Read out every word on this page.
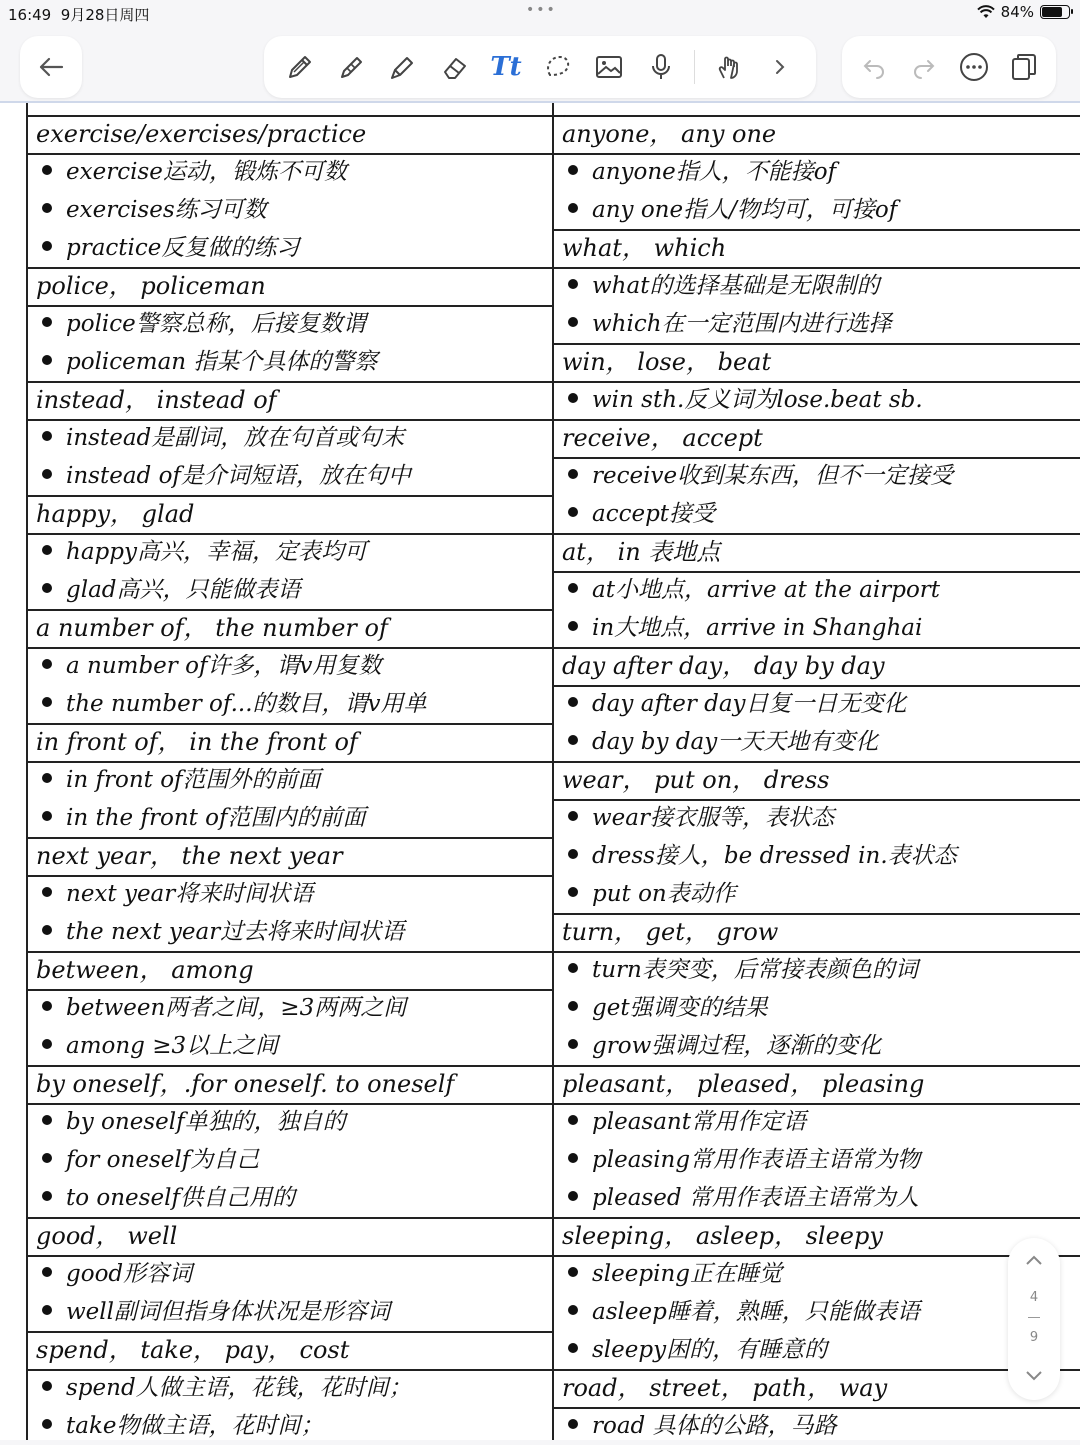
16:49 9月28日周四	•••	84%
Tt
exercise/exercises/practice
exercise运动，锻炼不可数
exercises练习可数
practice反复做的练习
police， policeman
police警察总称，后接复数谓
policeman 指某个具体的警察
instead， instead of
instead是副词，放在句首或句末
instead of是介词短语，放在句中
happy， glad
happy高兴，幸福，定表均可
glad高兴，只能做表语
a number of， the number of
a number of许多，谓v用复数
the number of...的数目，谓v用单
in front of， in the front of
in front of范围外的前面
in the front of范围内的前面
next year， the next year
next year将来时间状语
the next year过去将来时间状语
between， among
between两者之间，≥3两两之间
among ≥3以上之间
by oneself，.for oneself. to oneself
by oneself单独的，独自的
for oneself为自己
to oneself供自己用的
good， well
good形容词
well副词但指身体状况是形容词
spend， take， pay， cost
spend人做主语，花钱，花时间；
take物做主语，花时间；
anyone， any one
anyone指人，不能接of
any one指人/物均可，可接of
what， which
what的选择基础是无限制的
which在一定范围内进行选择
win， lose， beat
win sth.反义词为lose.beat sb.
receive， accept
receive收到某东西，但不一定接受
accept接受
at， in 表地点
at小地点，arrive at the airport
in大地点，arrive in Shanghai
day after day， day by day
day after day日复一日无变化
day by day一天天地有变化
wear， put on， dress
wear接衣服等，表状态
dress接人，be dressed in.表状态
put on表动作
turn， get， grow
turn表突变，后常接表颜色的词
get强调变的结果
grow强调过程，逐渐的变化
pleasant， pleased， pleasing
pleasant常用作定语
pleasing常用作表语主语常为物
pleased 常用作表语主语常为人
sleeping， asleep， sleepy
sleeping正在睡觉
asleep睡着，熟睡，只能做表语
sleepy困的，有睡意的
road， street， path， way
road 具体的公路，马路
4
9
